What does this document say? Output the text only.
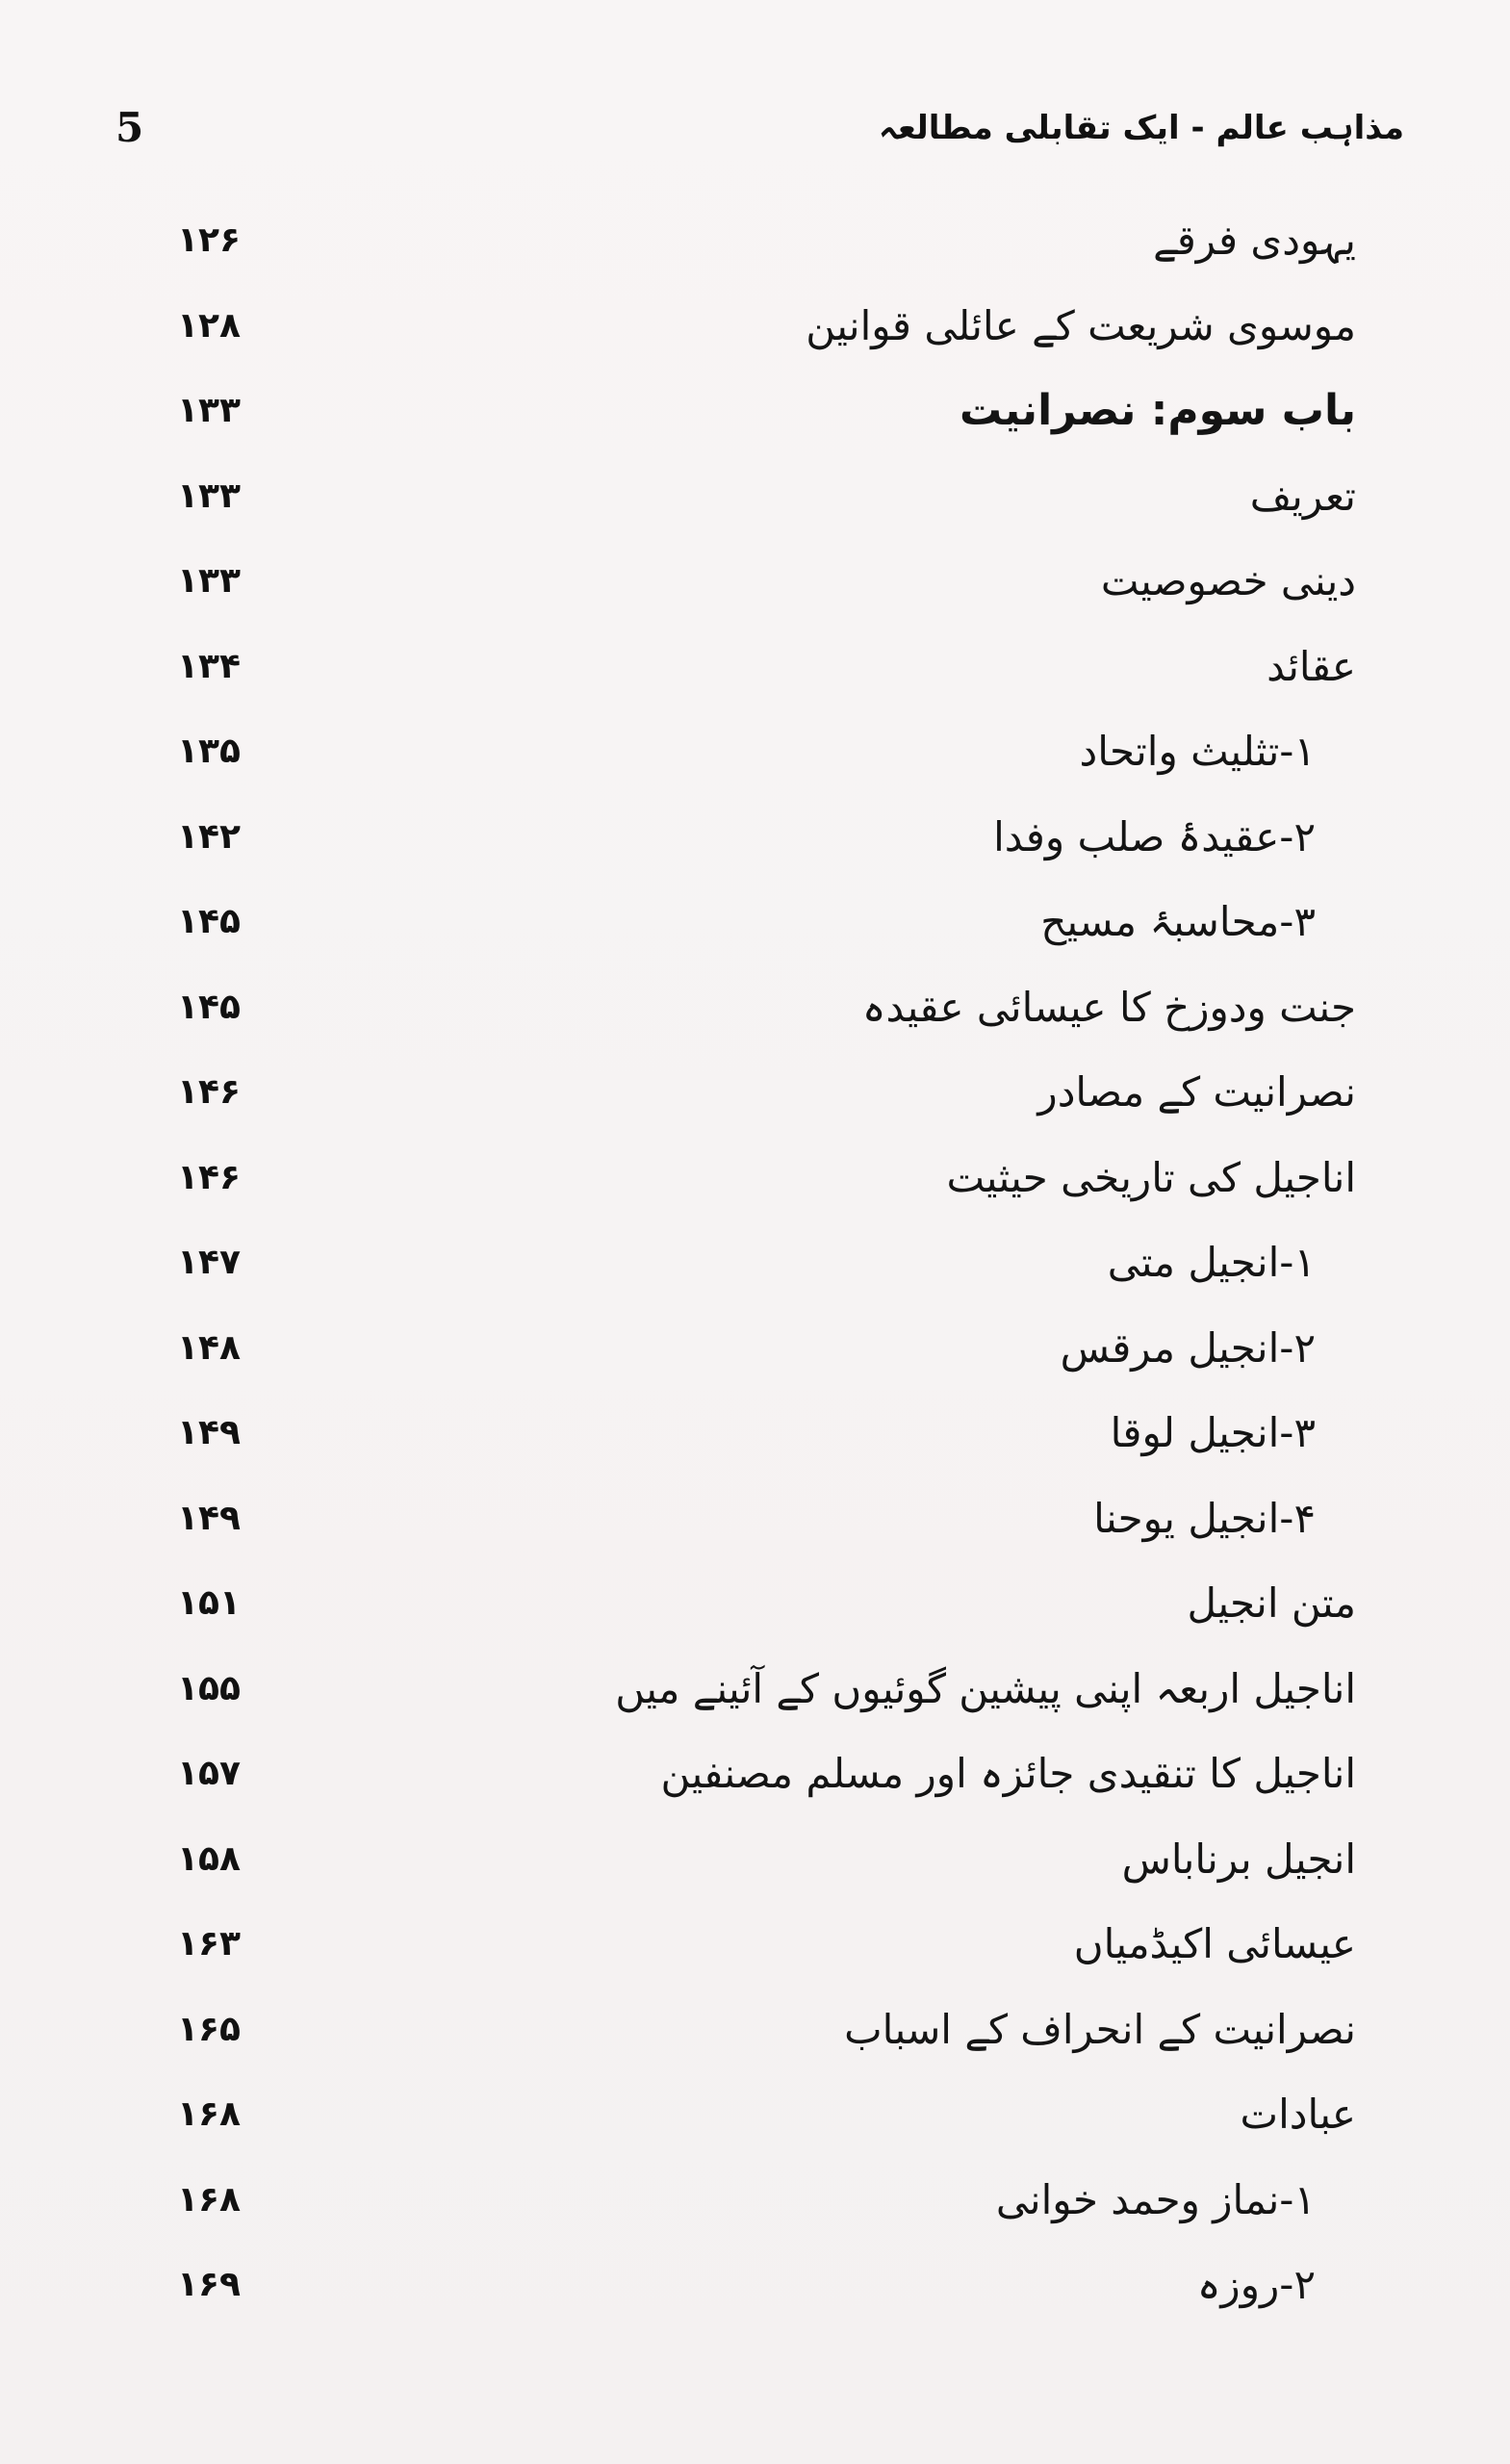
مذاہب عالم - ایک تقابلی مطالعہ
5
یہودی فرقے
۱۲۶
موسوی شریعت کے عائلی قوانین
۱۲۸
باب سوم: نصرانیت
۱۳۳
تعریف
۱۳۳
دینی خصوصیت
۱۳۳
عقائد
۱۳۴
۱-تثلیث واتحاد
۱۳۵
۲-عقیدۂ صلب وفدا
۱۴۲
۳-محاسبۂ مسیح
۱۴۵
جنت ودوزخ کا عیسائی عقیدہ
۱۴۵
نصرانیت کے مصادر
۱۴۶
اناجیل کی تاریخی حیثیت
۱۴۶
۱-انجیل متی
۱۴۷
۲-انجیل مرقس
۱۴۸
۳-انجیل لوقا
۱۴۹
۴-انجیل یوحنا
۱۴۹
متن انجیل
۱۵۱
اناجیل اربعہ اپنی پیشین گوئیوں کے آئینے میں
۱۵۵
اناجیل کا تنقیدی جائزہ اور مسلم مصنفین
۱۵۷
انجیل برناباس
۱۵۸
عیسائی اکیڈمیاں
۱۶۳
نصرانیت کے انحراف کے اسباب
۱۶۵
عبادات
۱۶۸
۱-نماز وحمد خوانی
۱۶۸
۲-روزہ
۱۶۹
